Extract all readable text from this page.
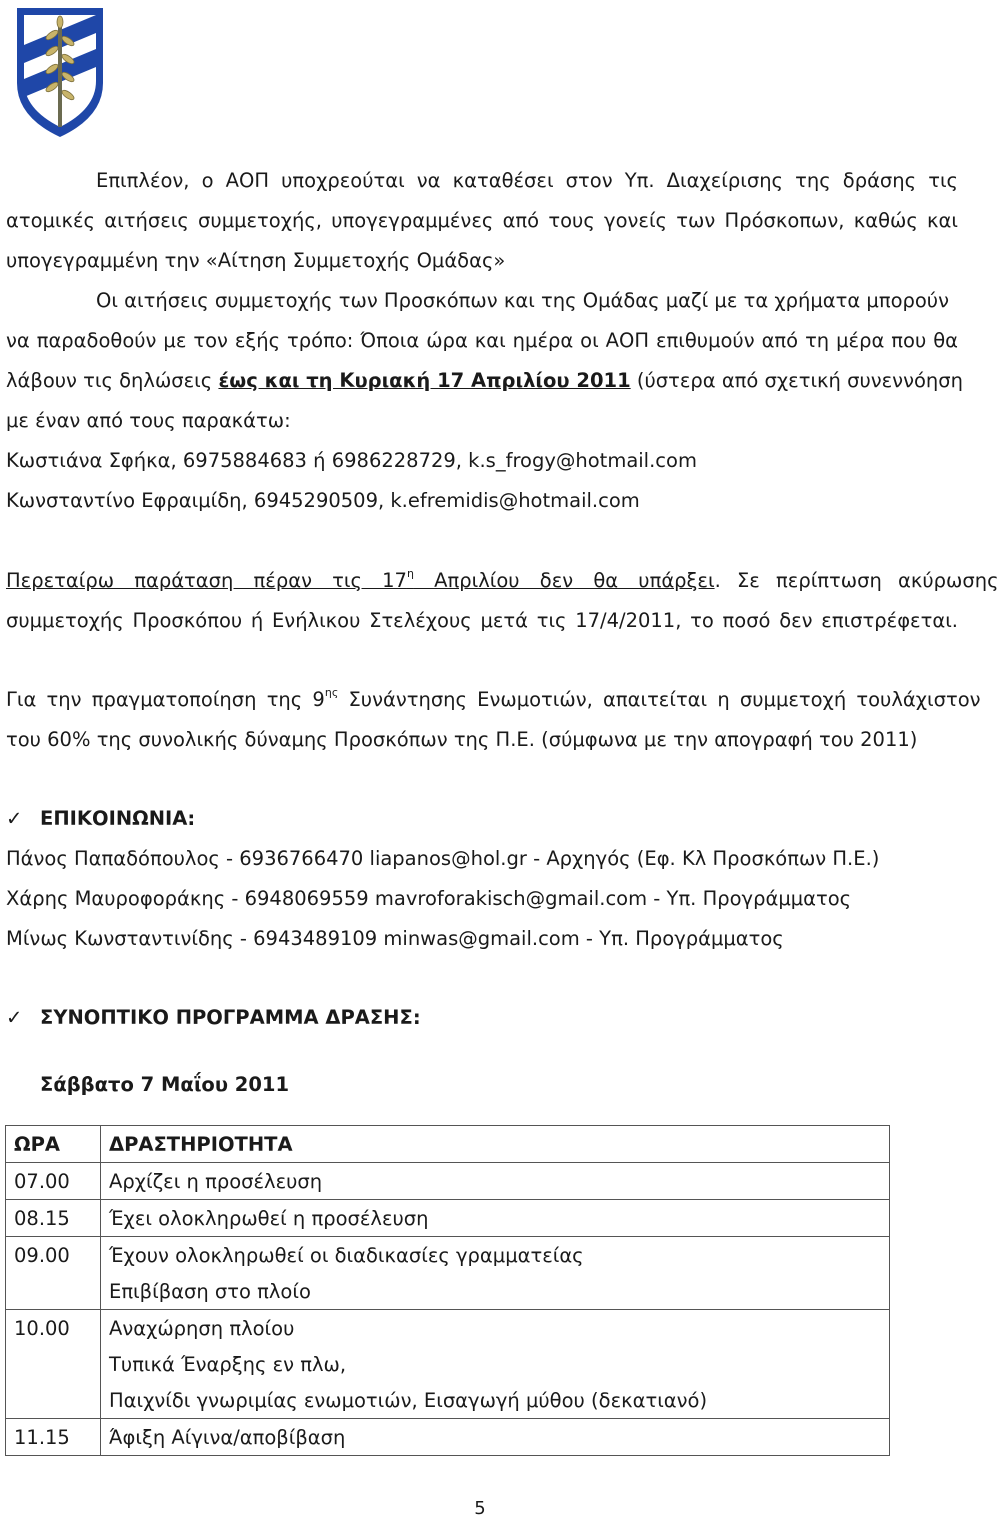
Επιπλέον, ο ΑΟΠ υποχρεούται να καταθέσει στον Υπ. Διαχείρισης της δράσης τις
ατομικές αιτήσεις συμμετοχής, υπογεγραμμένες από τους γονείς των Πρόσκοπων, καθώς και
υπογεγραμμένη την «Αίτηση Συμμετοχής Ομάδας»
Οι αιτήσεις συμμετοχής των Προσκόπων και της Ομάδας μαζί με τα χρήματα μπορούν
να παραδοθούν με τον εξής τρόπο: Όποια ώρα και ημέρα οι ΑΟΠ επιθυμούν από τη μέρα που θα
λάβουν τις δηλώσεις έως και τη Κυριακή 17 Απριλίου 2011 (ύστερα από σχετική συνεννόηση
με έναν από τους παρακάτω:
Κωστιάνα Σφήκα, 6975884683 ή 6986228729, k.s_frogy@hotmail.com
Κωνσταντίνο Εφραιμίδη, 6945290509, k.efremidis@hotmail.com
Περεταίρω παράταση πέραν τις $17^\eta$ Απριλίου δεν θα υπάρξει. Σε περίπτωση ακύρωσης
συμμετοχής Προσκόπου ή Ενήλικου Στελέχους μετά τις 17/4/2011, το ποσό δεν επιστρέφεται.
Για την πραγματοποίηση της $9^{\eta\varsigma}$ Συνάντησης Ενωμοτιών, απαιτείται η συμμετοχή τουλάχιστον
του 60% της συνολικής δύναμης Προσκόπων της Π.Ε. (σύμφωνα με την απογραφή του 2011)
✓ ΕΠΙΚΟΙΝΩΝΙΑ:
Πάνος Παπαδόπουλος - 6936766470 liapanos@hol.gr - Αρχηγός (Εφ. Κλ Προσκόπων Π.Ε.)
Χάρης Μαυροφοράκης - 6948069559 mavroforakisch@gmail.com - Υπ. Προγράμματος
Μίνως Κωνσταντινίδης - 6943489109 minwas@gmail.com - Υπ. Προγράμματος
✓ ΣΥΝΟΠΤΙΚΟ ΠΡΟΓΡΑΜΜΑ ΔΡΑΣΗΣ:
Σάββατο 7 Μαΐου 2011
ΩΡΑ	ΔΡΑΣΤΗΡΙΟΤΗΤΑ
07.00	Αρχίζει η προσέλευση
08.15	Έχει ολοκληρωθεί η προσέλευση
09.00	Έχουν ολοκληρωθεί οι διαδικασίες γραμματείας
	Επιβίβαση στο πλοίο
10.00	Αναχώρηση πλοίου
	Τυπικά Έναρξης εν πλω,
	Παιχνίδι γνωριμίας ενωμοτιών, Εισαγωγή μύθου (δεκατιανό)
11.15	Άφιξη Αίγινα/αποβίβαση
5
